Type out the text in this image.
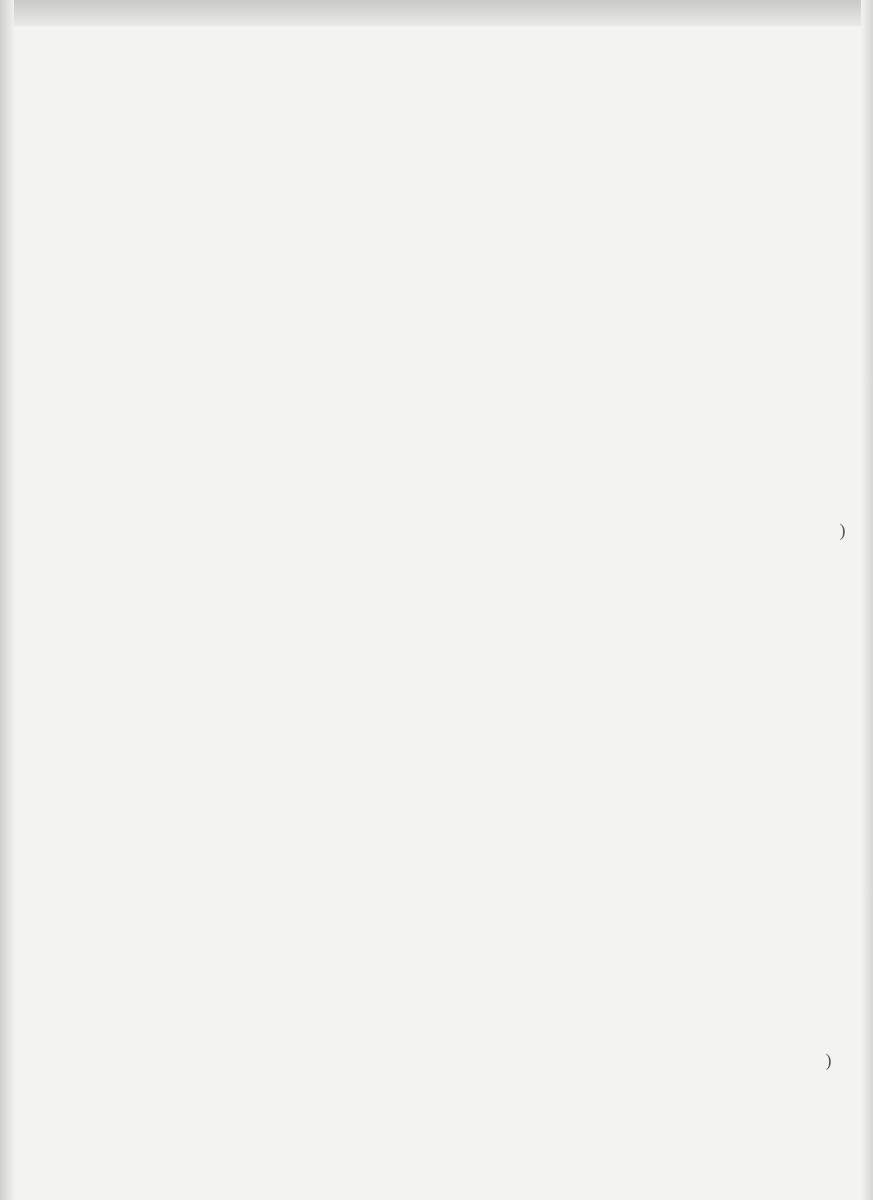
(
(
